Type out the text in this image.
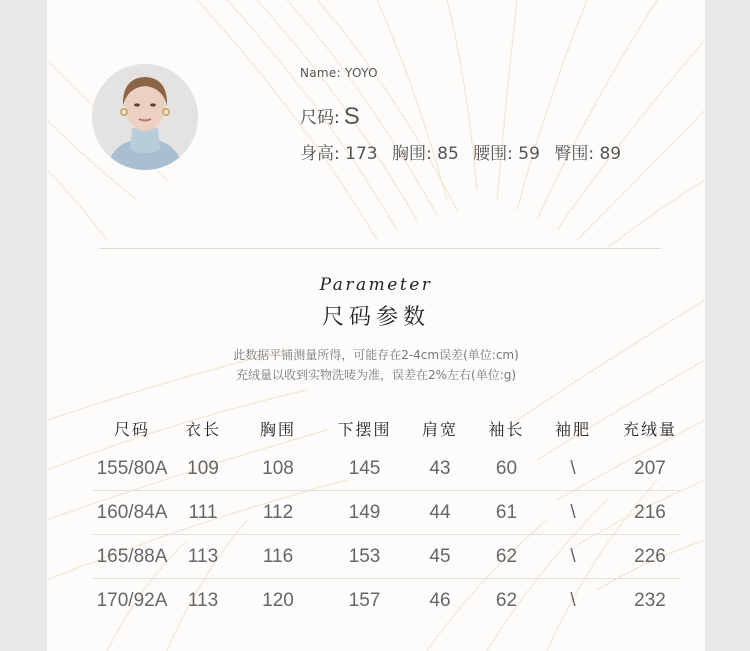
Name: YOYO
尺码: S
身高: 173 胸围: 85 腰围: 59 臀围: 89
Parameter
尺码参数
此数据平铺测量所得，可能存在2-4cm误差(单位:cm)
充绒量以收到实物洗唛为准，误差在2%左右(单位:g)
尺码	衣长	胸围	下摆围	肩宽	袖长	袖肥	充绒量
155/80A	109	108	145	43	60	\	207
160/84A	111	112	149	44	61	\	216
165/88A	113	116	153	45	62	\	226
170/92A	113	120	157	46	62	\	232
